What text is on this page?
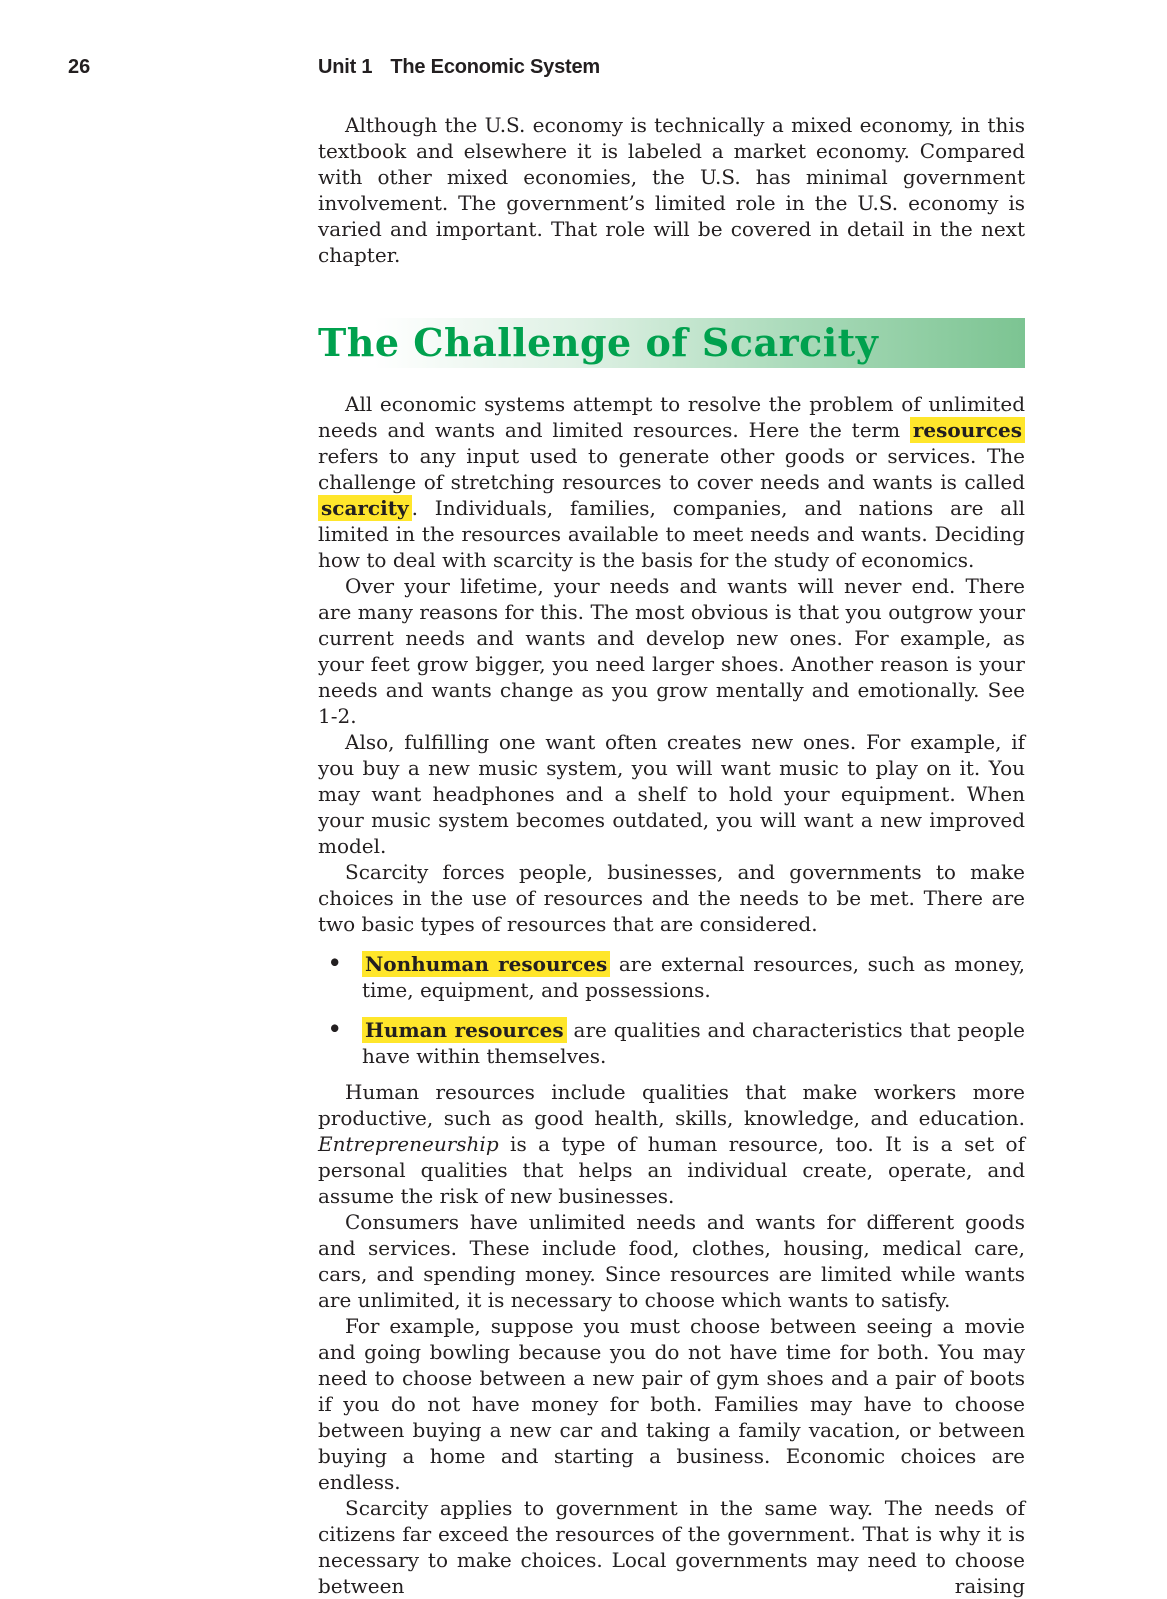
26	Unit 1 The Economic System

Although the U.S. economy is technically a mixed economy, in this textbook and elsewhere it is labeled a market economy. Compared with other mixed economies, the U.S. has minimal government involvement. The government’s limited role in the U.S. economy is varied and important. That role will be covered in detail in the next chapter.

The Challenge of Scarcity

All economic systems attempt to resolve the problem of unlimited needs and wants and limited resources. Here the term resources refers to any input used to generate other goods or services. The challenge of stretching resources to cover needs and wants is called scarcity . Individuals, families, companies, and nations are all limited in the resources available to meet needs and wants. Deciding how to deal with scarcity is the basis for the study of economics.

Over your lifetime, your needs and wants will never end. There are many reasons for this. The most obvious is that you outgrow your current needs and wants and develop new ones. For example, as your feet grow bigger, you need larger shoes. Another reason is your needs and wants change as you grow mentally and emotionally. See 1-2.

Also, fulfilling one want often creates new ones. For example, if you buy a new music system, you will want music to play on it. You may want headphones and a shelf to hold your equipment. When your music system becomes outdated, you will want a new improved model.

Scarcity forces people, businesses, and governments to make choices in the use of resources and the needs to be met. There are two basic types of resources that are considered.

• Nonhuman resources are external resources, such as money, time, equipment, and possessions.
• Human resources are qualities and characteristics that people have within themselves.

Human resources include qualities that make workers more productive, such as good health, skills, knowledge, and education. Entrepreneurship is a type of human resource, too. It is a set of personal qualities that helps an individual create, operate, and assume the risk of new businesses.

Consumers have unlimited needs and wants for different goods and services. These include food, clothes, housing, medical care, cars, and spending money. Since resources are limited while wants are unlimited, it is necessary to choose which wants to satisfy.

For example, suppose you must choose between seeing a movie and going bowling because you do not have time for both. You may need to choose between a new pair of gym shoes and a pair of boots if you do not have money for both. Families may have to choose between buying a new car and taking a family vacation, or between buying a home and starting a business. Economic choices are endless.

Scarcity applies to government in the same way. The needs of citizens far exceed the resources of the government. That is why it is necessary to make choices. Local governments may need to choose between raising
